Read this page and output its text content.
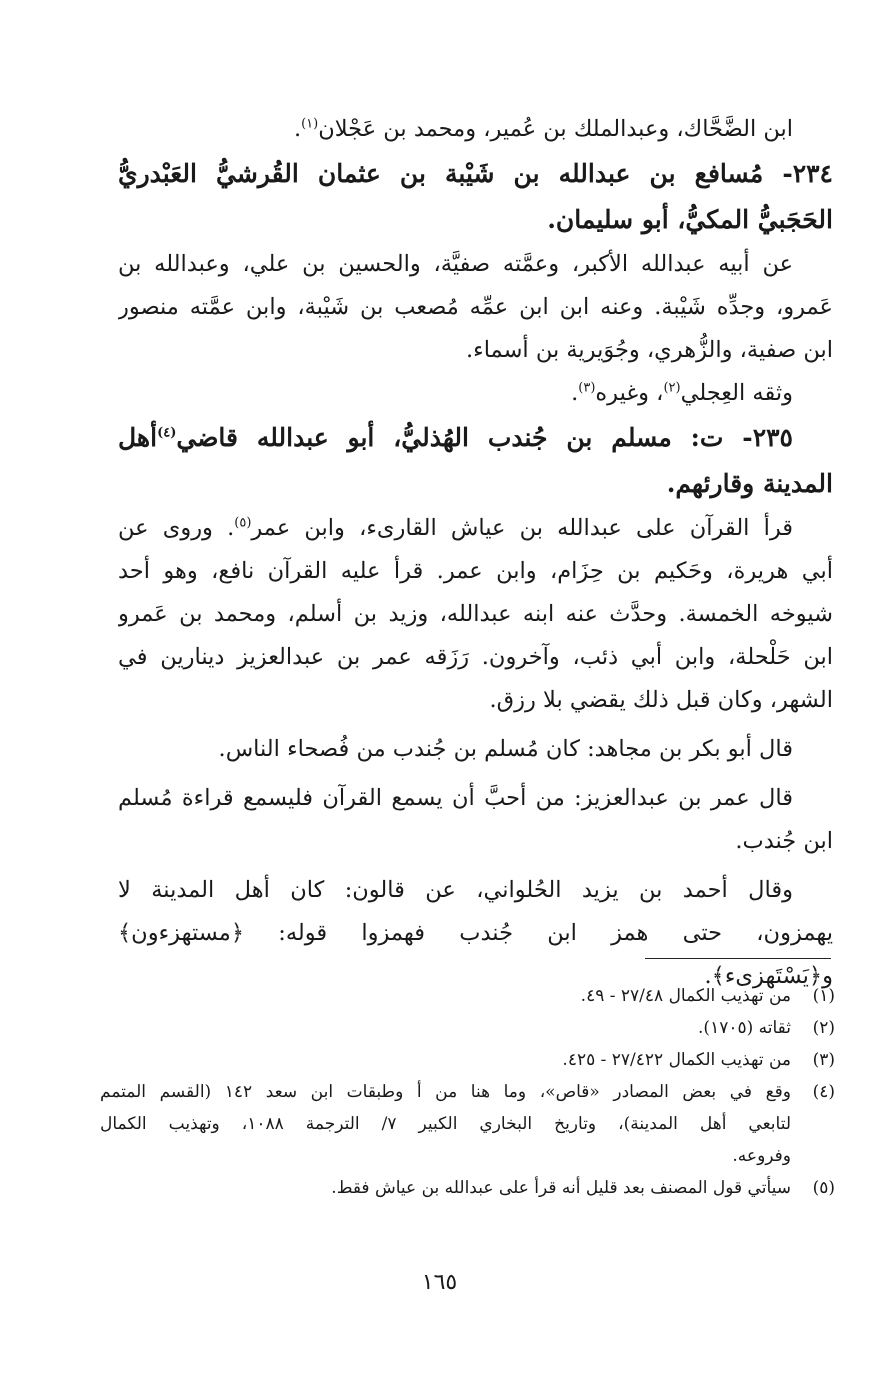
ابن الضَّحَّاك، وعبدالملك بن عُمير، ومحمد بن عَجْلان$^{(١)}$.

٢٣٤- مُسافع بن عبدالله بن شَيْبة بن عثمان القُرشيُّ العَبْدريُّ

الحَجَبيُّ المكيُّ، أبو سليمان.

عن أبيه عبدالله الأكبر، وعمَّته صفيَّة، والحسين بن علي، وعبدالله بن

عَمرو، وجدِّه شَيْبة. وعنه ابن ابن عمِّه مُصعب بن شَيْبة، وابن عمَّته منصور

ابن صفية، والزُّهري، وجُوَيرية بن أسماء.

وثقه العِجلي$^{(٢)}$، وغيره$^{(٣)}$.

٢٣٥- ت: مسلم بن جُندب الهُذليُّ، أبو عبدالله قاضي$^{(٤)}$أهل

المدينة وقارئهم.

قرأ القرآن على عبدالله بن عياش القارىء، وابن عمر$^{(٥)}$. وروى عن

أبي هريرة، وحَكيم بن حِزَام، وابن عمر. قرأ عليه القرآن نافع، وهو أحد

شيوخه الخمسة. وحدَّث عنه ابنه عبدالله، وزيد بن أسلم، ومحمد بن عَمرو

ابن حَلْحلة، وابن أبي ذئب، وآخرون. رَزَقه عمر بن عبدالعزيز دينارين في

الشهر، وكان قبل ذلك يقضي بلا رزق.

قال أبو بكر بن مجاهد: كان مُسلم بن جُندب من فُصحاء الناس.

قال عمر بن عبدالعزيز: من أحبَّ أن يسمع القرآن فليسمع قراءة مُسلم

ابن جُندب.

وقال أحمد بن يزيد الحُلواني، عن قالون: كان أهل المدينة لا

يهمزون، حتى همز ابن جُندب فهمزوا قوله: ﴿مستهزءون﴾

و﴿يَسْتَهزىء﴾.

(١)
من تهذيب الكمال ٢٧/٤٨ - ٤٩.
(٢)
ثقاته (١٧٠٥).
(٣)
من تهذيب الكمال ٢٧/٤٢٢ - ٤٢٥.
(٤)
وقع في بعض المصادر «قاص»، وما هنا من أ وطبقات ابن سعد ١٤٢ (القسم المتمم
لتابعي أهل المدينة)، وتاريخ البخاري الكبير ٧/ الترجمة ١٠٨٨، وتهذيب الكمال
وفروعه.
(٥)
سيأتي قول المصنف بعد قليل أنه قرأ على عبدالله بن عياش فقط.
١٦٥
